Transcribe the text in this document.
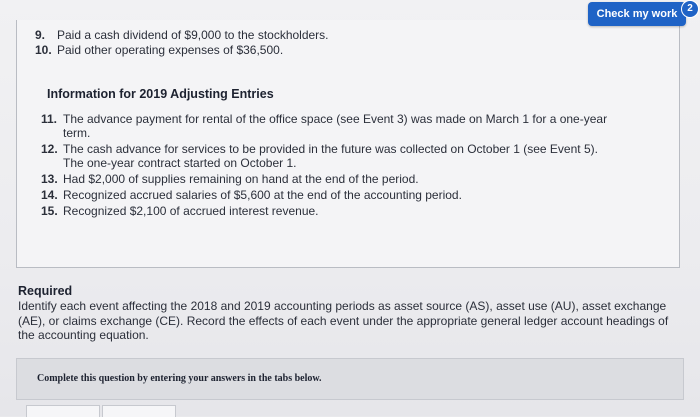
9. Paid a cash dividend of $9,000 to the stockholders.
10. Paid other operating expenses of $36,500.
Information for 2019 Adjusting Entries
11. The advance payment for rental of the office space (see Event 3) was made on March 1 for a one-year term.
12. The cash advance for services to be provided in the future was collected on October 1 (see Event 5). The one-year contract started on October 1.
13. Had $2,000 of supplies remaining on hand at the end of the period.
14. Recognized accrued salaries of $5,600 at the end of the accounting period.
15. Recognized $2,100 of accrued interest revenue.
Check my work 2
Required
Identify each event affecting the 2018 and 2019 accounting periods as asset source (AS), asset use (AU), asset exchange (AE), or claims exchange (CE). Record the effects of each event under the appropriate general ledger account headings of the accounting equation.
Complete this question by entering your answers in the tabs below.
